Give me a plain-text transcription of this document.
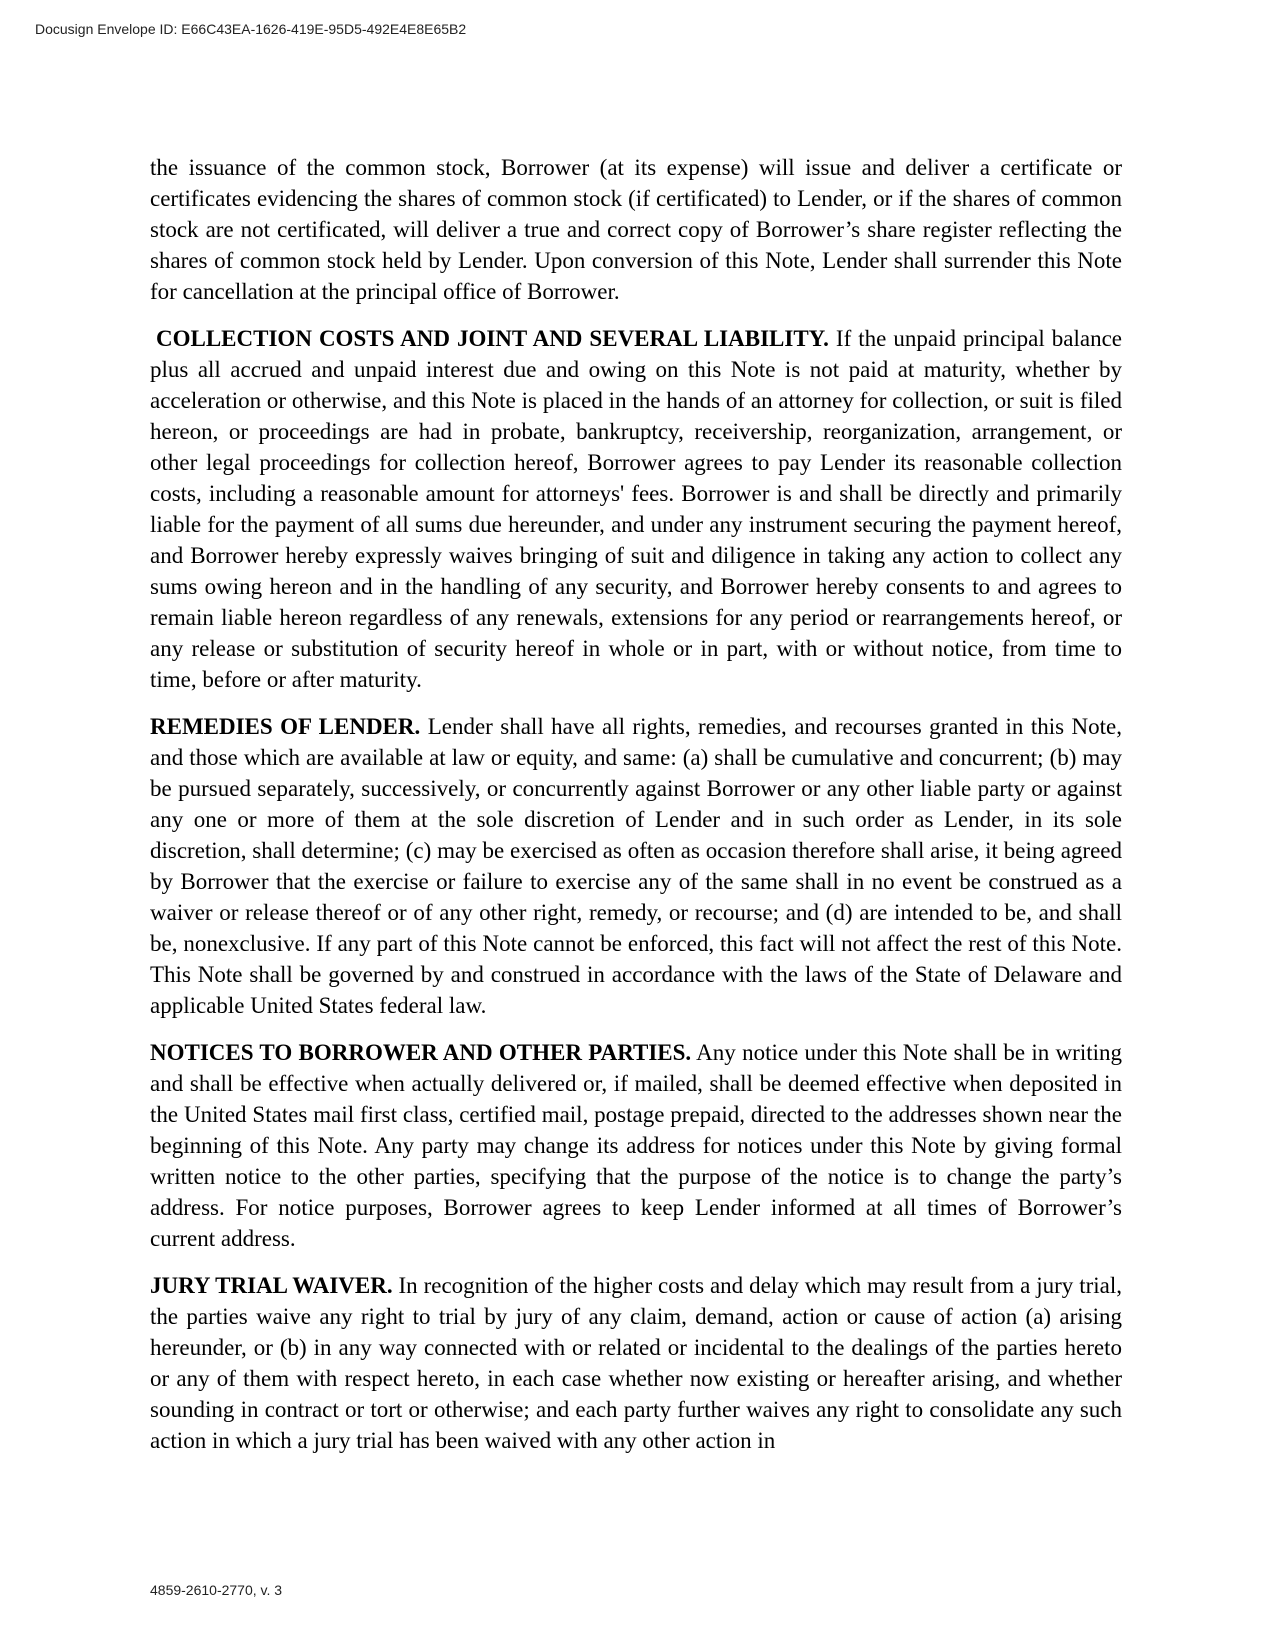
Docusign Envelope ID: E66C43EA-1626-419E-95D5-492E4E8E65B2

the issuance of the common stock, Borrower (at its expense) will issue and deliver a certificate or certificates evidencing the shares of common stock (if certificated) to Lender, or if the shares of common stock are not certificated, will deliver a true and correct copy of Borrower’s share register reflecting the shares of common stock held by Lender. Upon conversion of this Note, Lender shall surrender this Note for cancellation at the principal office of Borrower.

COLLECTION COSTS AND JOINT AND SEVERAL LIABILITY. If the unpaid principal balance plus all accrued and unpaid interest due and owing on this Note is not paid at maturity, whether by acceleration or otherwise, and this Note is placed in the hands of an attorney for collection, or suit is filed hereon, or proceedings are had in probate, bankruptcy, receivership, reorganization, arrangement, or other legal proceedings for collection hereof, Borrower agrees to pay Lender its reasonable collection costs, including a reasonable amount for attorneys' fees. Borrower is and shall be directly and primarily liable for the payment of all sums due hereunder, and under any instrument securing the payment hereof, and Borrower hereby expressly waives bringing of suit and diligence in taking any action to collect any sums owing hereon and in the handling of any security, and Borrower hereby consents to and agrees to remain liable hereon regardless of any renewals, extensions for any period or rearrangements hereof, or any release or substitution of security hereof in whole or in part, with or without notice, from time to time, before or after maturity.

REMEDIES OF LENDER. Lender shall have all rights, remedies, and recourses granted in this Note, and those which are available at law or equity, and same: (a) shall be cumulative and concurrent; (b) may be pursued separately, successively, or concurrently against Borrower or any other liable party or against any one or more of them at the sole discretion of Lender and in such order as Lender, in its sole discretion, shall determine; (c) may be exercised as often as occasion therefore shall arise, it being agreed by Borrower that the exercise or failure to exercise any of the same shall in no event be construed as a waiver or release thereof or of any other right, remedy, or recourse; and (d) are intended to be, and shall be, nonexclusive. If any part of this Note cannot be enforced, this fact will not affect the rest of this Note. This Note shall be governed by and construed in accordance with the laws of the State of Delaware and applicable United States federal law.

NOTICES TO BORROWER AND OTHER PARTIES. Any notice under this Note shall be in writing and shall be effective when actually delivered or, if mailed, shall be deemed effective when deposited in the United States mail first class, certified mail, postage prepaid, directed to the addresses shown near the beginning of this Note. Any party may change its address for notices under this Note by giving formal written notice to the other parties, specifying that the purpose of the notice is to change the party’s address. For notice purposes, Borrower agrees to keep Lender informed at all times of Borrower’s current address.

JURY TRIAL WAIVER. In recognition of the higher costs and delay which may result from a jury trial, the parties waive any right to trial by jury of any claim, demand, action or cause of action (a) arising hereunder, or (b) in any way connected with or related or incidental to the dealings of the parties hereto or any of them with respect hereto, in each case whether now existing or hereafter arising, and whether sounding in contract or tort or otherwise; and each party further waives any right to consolidate any such action in which a jury trial has been waived with any other action in

4859-2610-2770, v. 3
